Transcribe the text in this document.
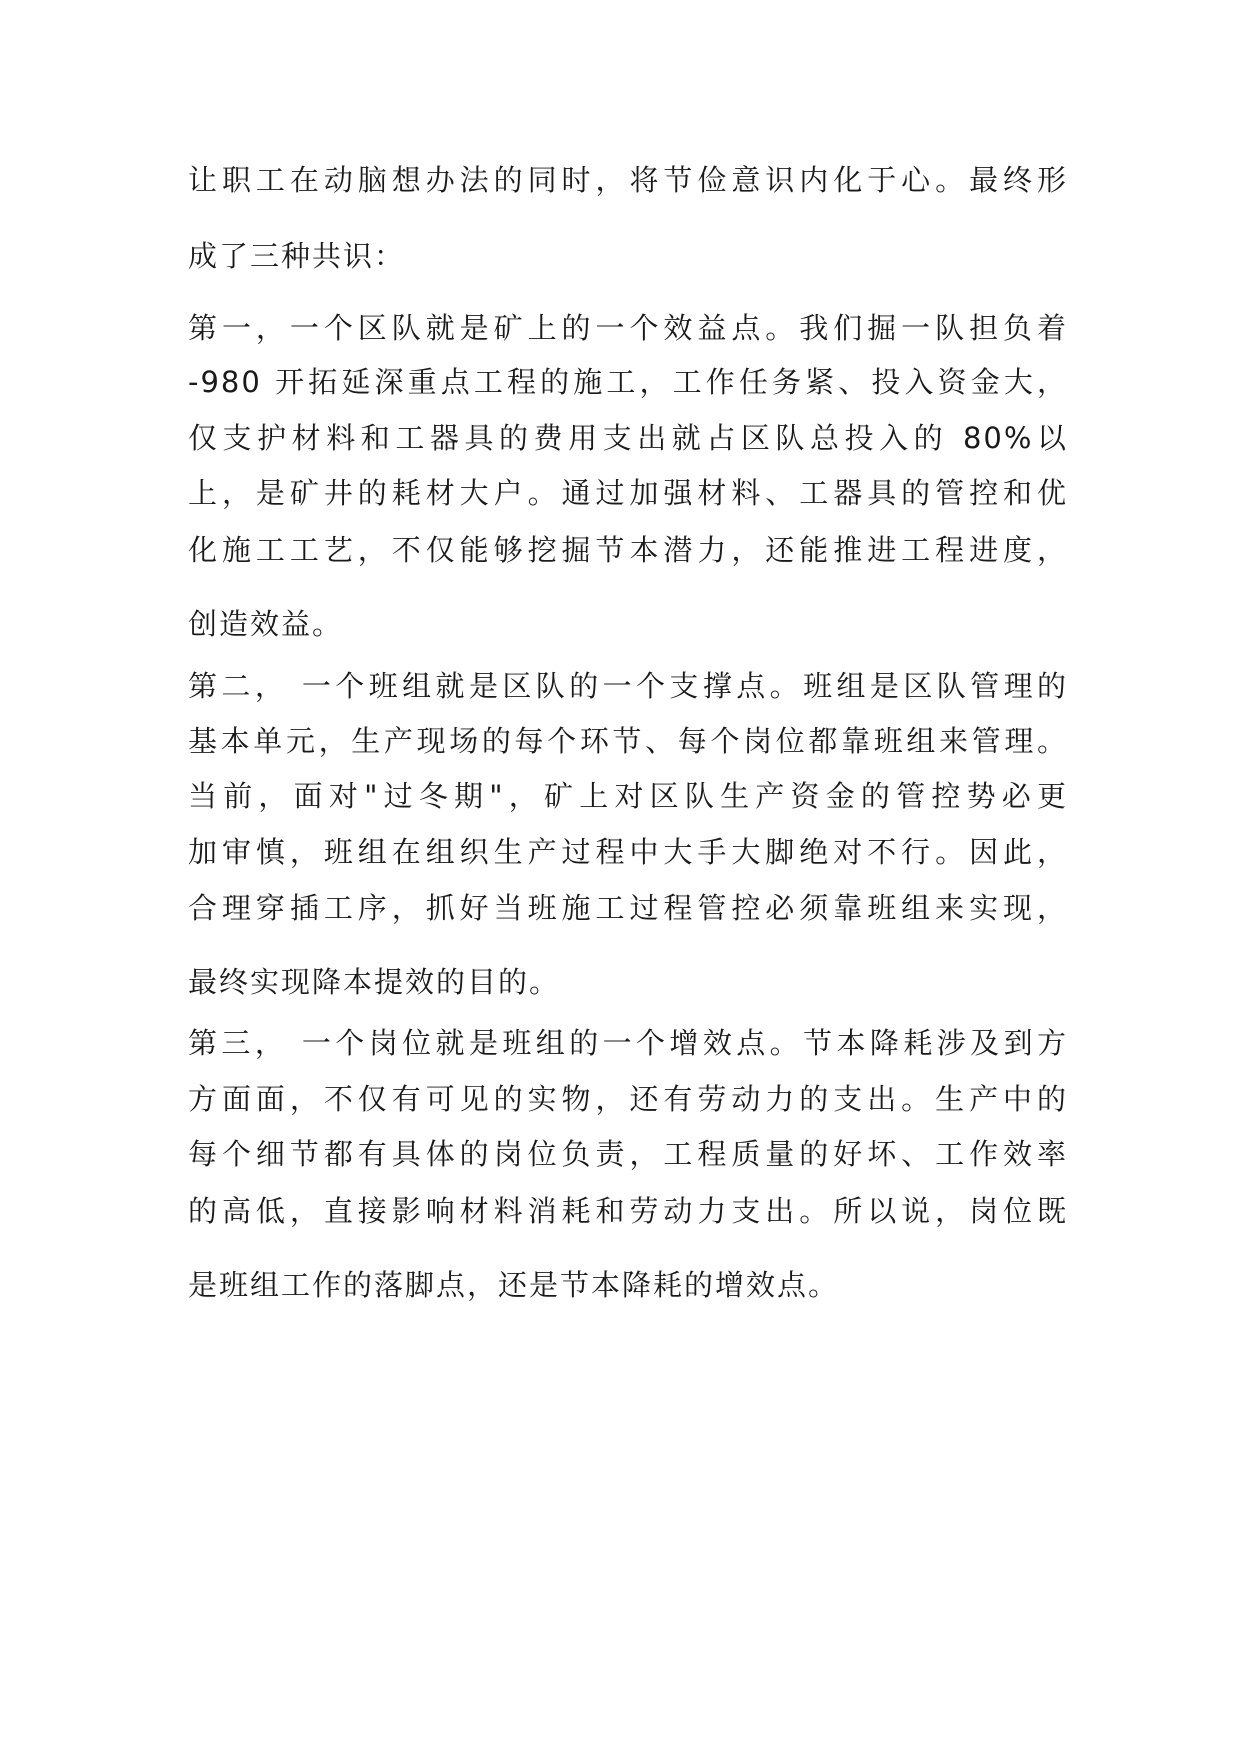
让职工在动脑想办法的同时，将节俭意识内化于心。最终形
成了三种共识：
第一，一个区队就是矿上的一个效益点。我们掘一队担负着
-980 开拓延深重点工程的施工，工作任务紧、投入资金大，
仅支护材料和工器具的费用支出就占区队总投入的 80%以
上，是矿井的耗材大户。通过加强材料、工器具的管控和优
化施工工艺，不仅能够挖掘节本潜力，还能推进工程进度，
创造效益。
第二， 一个班组就是区队的一个支撑点。班组是区队管理的
基本单元，生产现场的每个环节、每个岗位都靠班组来管理。
当前，面对"过冬期"，矿上对区队生产资金的管控势必更
加审慎，班组在组织生产过程中大手大脚绝对不行。因此，
合理穿插工序，抓好当班施工过程管控必须靠班组来实现，
最终实现降本提效的目的。
第三， 一个岗位就是班组的一个增效点。节本降耗涉及到方
方面面，不仅有可见的实物，还有劳动力的支出。生产中的
每个细节都有具体的岗位负责，工程质量的好坏、工作效率
的高低，直接影响材料消耗和劳动力支出。所以说，岗位既
是班组工作的落脚点，还是节本降耗的增效点。
